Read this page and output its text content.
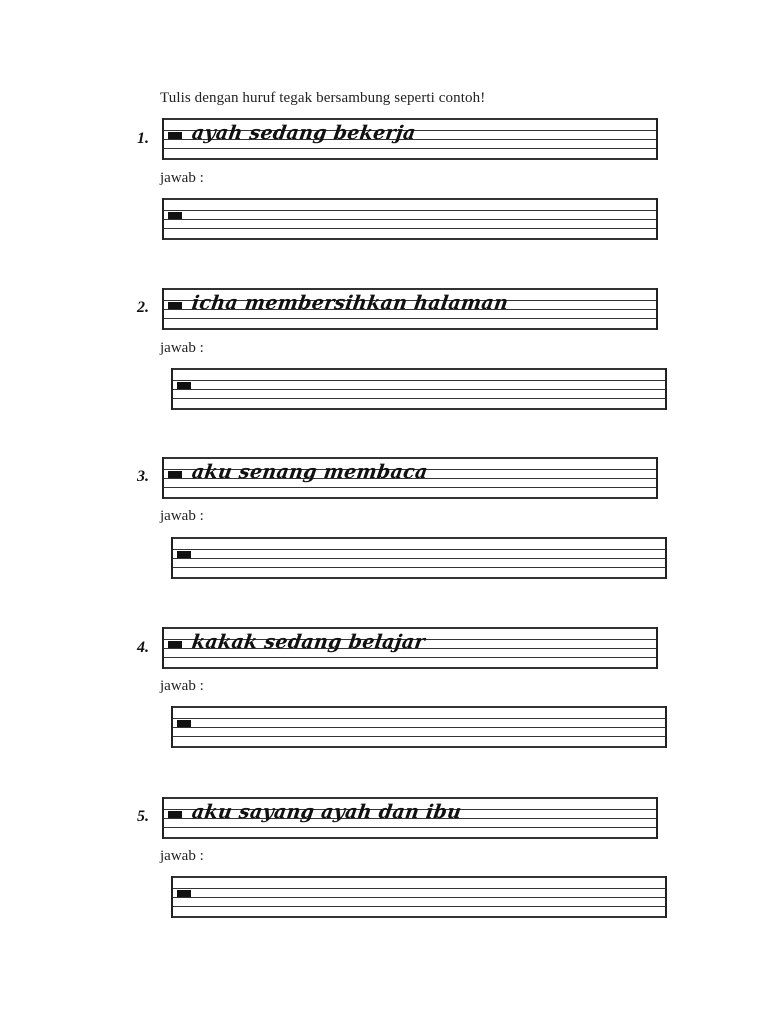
Tulis dengan huruf tegak bersambung seperti contoh!
1. ayah sedang bekerja
jawab :
2. icha membersihkan halaman
jawab :
3. aku senang membaca
jawab :
4. kakak sedang belajar
jawab :
5. aku sayang ayah dan ibu
jawab :
